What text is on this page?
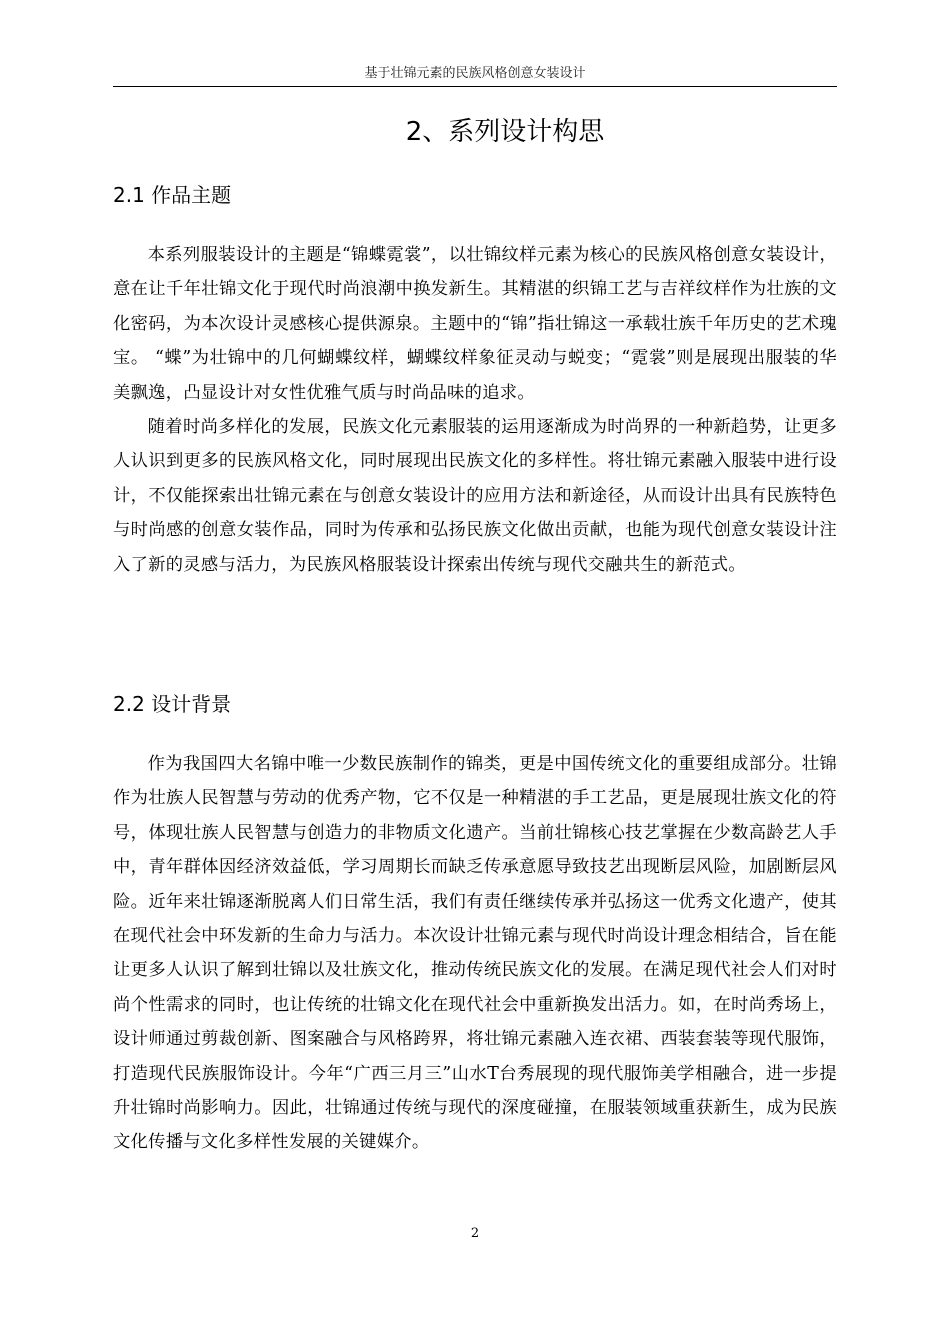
基于壮锦元素的民族风格创意女装设计
2、系列设计构思
2.1 作品主题

本系列服装设计的主题是“锦蝶霓裳”，以壮锦纹样元素为核心的民族风格创意女装设计，意在让千年壮锦文化于现代时尚浪潮中换发新生。其精湛的织锦工艺与吉祥纹样作为壮族的文化密码，为本次设计灵感核心提供源泉。主题中的“锦”指壮锦这一承载壮族千年历史的艺术瑰宝。 “蝶”为壮锦中的几何蝴蝶纹样，蝴蝶纹样象征灵动与蜕变；“霓裳”则是展现出服装的华美飘逸，凸显设计对女性优雅气质与时尚品味的追求。

随着时尚多样化的发展，民族文化元素服装的运用逐渐成为时尚界的一种新趋势，让更多人认识到更多的民族风格文化，同时展现出民族文化的多样性。将壮锦元素融入服装中进行设计，不仅能探索出壮锦元素在与创意女装设计的应用方法和新途径，从而设计出具有民族特色与时尚感的创意女装作品，同时为传承和弘扬民族文化做出贡献，也能为现代创意女装设计注入了新的灵感与活力，为民族风格服装设计探索出传统与现代交融共生的新范式。

2.2 设计背景

作为我国四大名锦中唯一少数民族制作的锦类，更是中国传统文化的重要组成部分。壮锦作为壮族人民智慧与劳动的优秀产物，它不仅是一种精湛的手工艺品，更是展现壮族文化的符号，体现壮族人民智慧与创造力的非物质文化遗产。当前壮锦核心技艺掌握在少数高龄艺人手中，青年群体因经济效益低，学习周期长而缺乏传承意愿导致技艺出现断层风险，加剧断层风险。近年来壮锦逐渐脱离人们日常生活，我们有责任继续传承并弘扬这一优秀文化遗产，使其在现代社会中环发新的生命力与活力。本次设计壮锦元素与现代时尚设计理念相结合，旨在能让更多人认识了解到壮锦以及壮族文化，推动传统民族文化的发展。在满足现代社会人们对时尚个性需求的同时，也让传统的壮锦文化在现代社会中重新换发出活力。如，在时尚秀场上，设计师通过剪裁创新、图案融合与风格跨界，将壮锦元素融入连衣裙、西装套装等现代服饰，打造现代民族服饰设计。今年“广西三月三”山水T台秀展现的现代服饰美学相融合，进一步提升壮锦时尚影响力。因此，壮锦通过传统与现代的深度碰撞，在服装领域重获新生，成为民族文化传播与文化多样性发展的关键媒介。

2
